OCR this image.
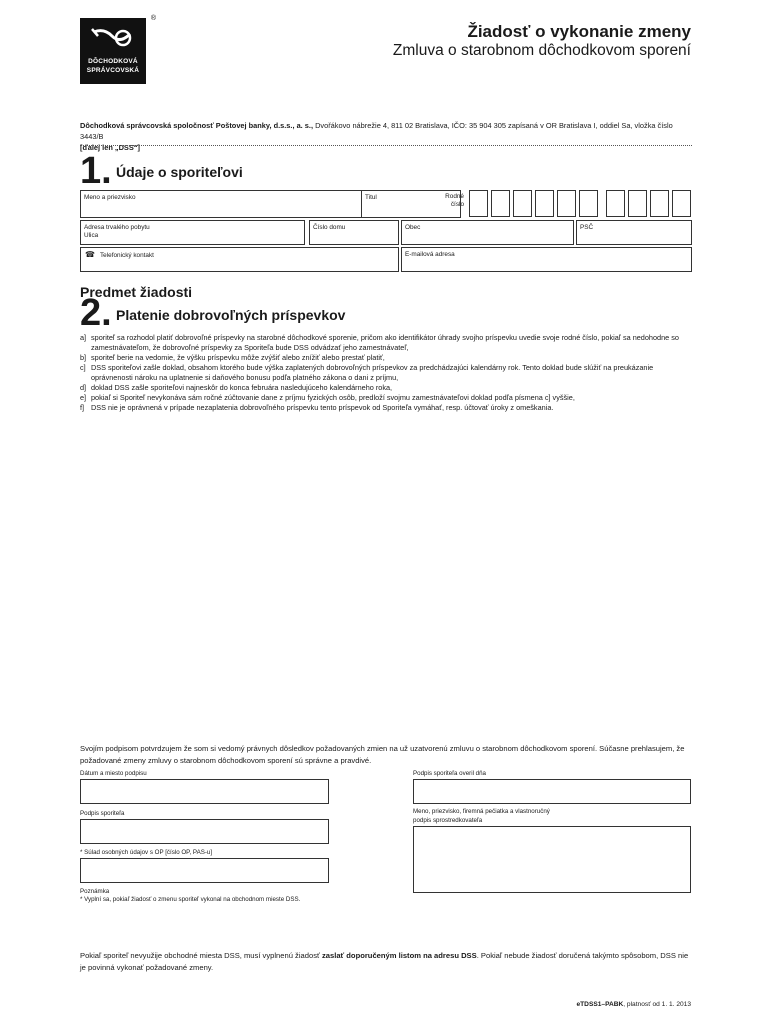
®
DÔCHODKOVÁ
SPRÁVCOVSKÁ
Žiadosť o vykonanie zmeny
Zmluva o starobnom dôchodkovom sporení
Dôchodková správcovská spoločnosť Poštovej banky, d.s.s., a. s., Dvořákovo nábrežie 4, 811 02 Bratislava, IČO: 35 904 305 zapísaná v OR Bratislava I, oddiel Sa, vložka číslo 3443/B
[ďalej len „DSS“]
1. Údaje o sporiteľovi
Meno a priezvisko	Titul	Rodné číslo
Adresa trvalého pobytu
Ulica
Číslo domu	Obec	PSČ
☎ Telefonický kontakt	E-mailová adresa
Predmet žiadosti
2. Platenie dobrovoľných príspevkov
a] sporiteľ sa rozhodol platiť dobrovoľné príspevky na starobné dôchodkové sporenie, pričom ako identifikátor úhrady svojho príspevku uvedie svoje rodné číslo, pokiaľ sa nedohodne so zamestnávateľom, že dobrovoľné príspevky za Sporiteľa bude DSS odvádzať jeho zamestnávateľ,
b] sporiteľ berie na vedomie, že výšku príspevku môže zvýšiť alebo znížiť alebo prestať platiť,
c] DSS sporiteľovi zašle doklad, obsahom ktorého bude výška zaplatených dobrovoľných príspevkov za predchádzajúci kalendárny rok. Tento doklad bude slúžiť na preukázanie oprávnenosti nároku na uplatnenie si daňového bonusu podľa platného zákona o dani z príjmu,
d] doklad DSS zašle sporiteľovi najneskôr do konca februára nasledujúceho kalendárneho roka,
e] pokiaľ si Sporiteľ nevykonáva sám ročné zúčtovanie dane z príjmu fyzických osôb, predloží svojmu zamestnávateľovi doklad podľa písmena c] vyššie,
f] DSS nie je oprávnená v prípade nezaplatenia dobrovoľného príspevku tento príspevok od Sporiteľa vymáhať, resp. účtovať úroky z omeškania.
Svojím podpisom potvrdzujem že som si vedomý právnych dôsledkov požadovaných zmien na už uzatvorenú zmluvu o starobnom dôchodkovom sporení. Súčasne prehlasujem, že požadované zmeny zmluvy o starobnom dôchodkovom sporení sú správne a pravdivé.
Dátum a miesto podpisu	Podpis sporiteľa overil dňa
Podpis sporiteľa	Meno, priezvisko, firemná pečiatka a vlastnoručný
podpis sprostredkovateľa
* Súlad osobných údajov s OP [číslo OP, PAS-u]
Poznámka
* Vyplní sa, pokiaľ žiadosť o zmenu sporiteľ vykonal na obchodnom mieste DSS.
Pokiaľ sporiteľ nevyužije obchodné miesta DSS, musí vyplnenú žiadosť zaslať doporučeným listom na adresu DSS. Pokiaľ nebude žiadosť doručená takýmto spôsobom, DSS nie je povinná vykonať požadované zmeny.
eTDSS1–PABK, platnosť od 1. 1. 2013
